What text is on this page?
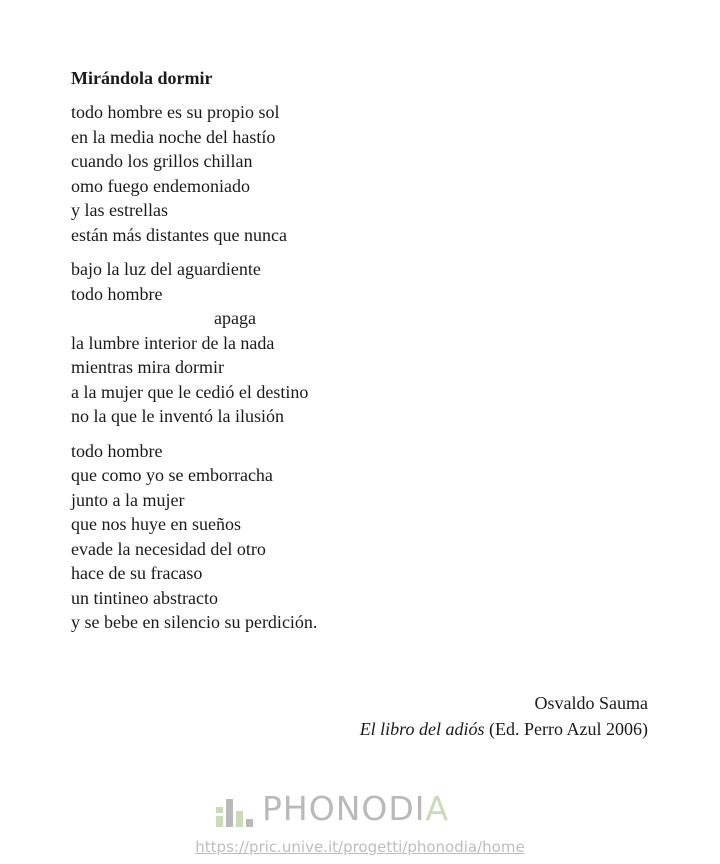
Mirándola dormir
todo hombre es su propio sol
en la media noche del hastío
cuando los grillos chillan
omo fuego endemoniado
y las estrellas
están más distantes que nunca
bajo la luz del aguardiente
todo hombre
apaga
la lumbre interior de la nada
mientras mira dormir
a la mujer que le cedió el destino
no la que le inventó la ilusión
todo hombre
que como yo se emborracha
junto a la mujer
que nos huye en sueños
evade la necesidad del otro
hace de su fracaso
un tintineo abstracto
y se bebe en silencio su perdición.
Osvaldo Sauma
El libro del adiós (Ed. Perro Azul 2006)
PHONODIA
https://pric.unive.it/progetti/phonodia/home
